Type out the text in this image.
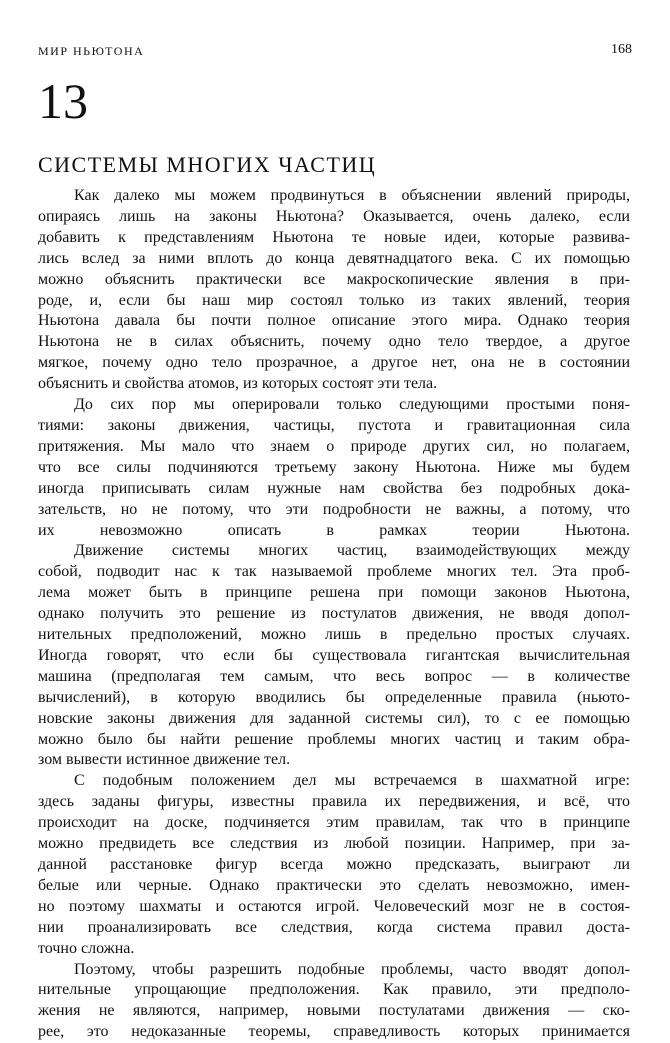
МИР НЬЮТОНА	168
13
СИСТЕМЫ МНОГИХ ЧАСТИЦ

Как далеко мы можем продвинуться в объяснении явлений природы,
опираясь лишь на законы Ньютона? Оказывается, очень далеко, если
добавить к представлениям Ньютона те новые идеи, которые развива-
лись вслед за ними вплоть до конца девятнадцатого века. С их помощью
можно объяснить практически все макроскопические явления в при-
роде, и, если бы наш мир состоял только из таких явлений, теория
Ньютона давала бы почти полное описание этого мира. Однако теория
Ньютона не в силах объяснить, почему одно тело твердое, а другое
мягкое, почему одно тело прозрачное, а другое нет, она не в состоянии
объяснить и свойства атомов, из которых состоят эти тела.

До сих пор мы оперировали только следующими простыми поня-
тиями: законы движения, частицы, пустота и гравитационная сила
притяжения. Мы мало что знаем о природе других сил, но полагаем,
что все силы подчиняются третьему закону Ньютона. Ниже мы будем
иногда приписывать силам нужные нам свойства без подробных дока-
зательств, но не потому, что эти подробности не важны, а потому, что
их невозможно описать в рамках теории Ньютона.

Движение системы многих частиц, взаимодействующих между
собой, подводит нас к так называемой проблеме многих тел. Эта проб-
лема может быть в принципе решена при помощи законов Ньютона,
однако получить это решение из постулатов движения, не вводя допол-
нительных предположений, можно лишь в предельно простых случаях.
Иногда говорят, что если бы существовала гигантская вычислительная
машина (предполагая тем самым, что весь вопрос — в количестве
вычислений), в которую вводились бы определенные правила (ньюто-
новские законы движения для заданной системы сил), то с ее помощью
можно было бы найти решение проблемы многих частиц и таким обра-
зом вывести истинное движение тел.

С подобным положением дел мы встречаемся в шахматной игре:
здесь заданы фигуры, известны правила их передвижения, и всё, что
происходит на доске, подчиняется этим правилам, так что в принципе
можно предвидеть все следствия из любой позиции. Например, при за-
данной расстановке фигур всегда можно предсказать, выиграют ли
белые или черные. Однако практически это сделать невозможно, имен-
но поэтому шахматы и остаются игрой. Человеческий мозг не в состоя-
нии проанализировать все следствия, когда система правил доста-
точно сложна.

Поэтому, чтобы разрешить подобные проблемы, часто вводят допол-
нительные упрощающие предположения. Как правило, эти предполо-
жения не являются, например, новыми постулатами движения — ско-
рее, это недоказанные теоремы, справедливость которых принимается
